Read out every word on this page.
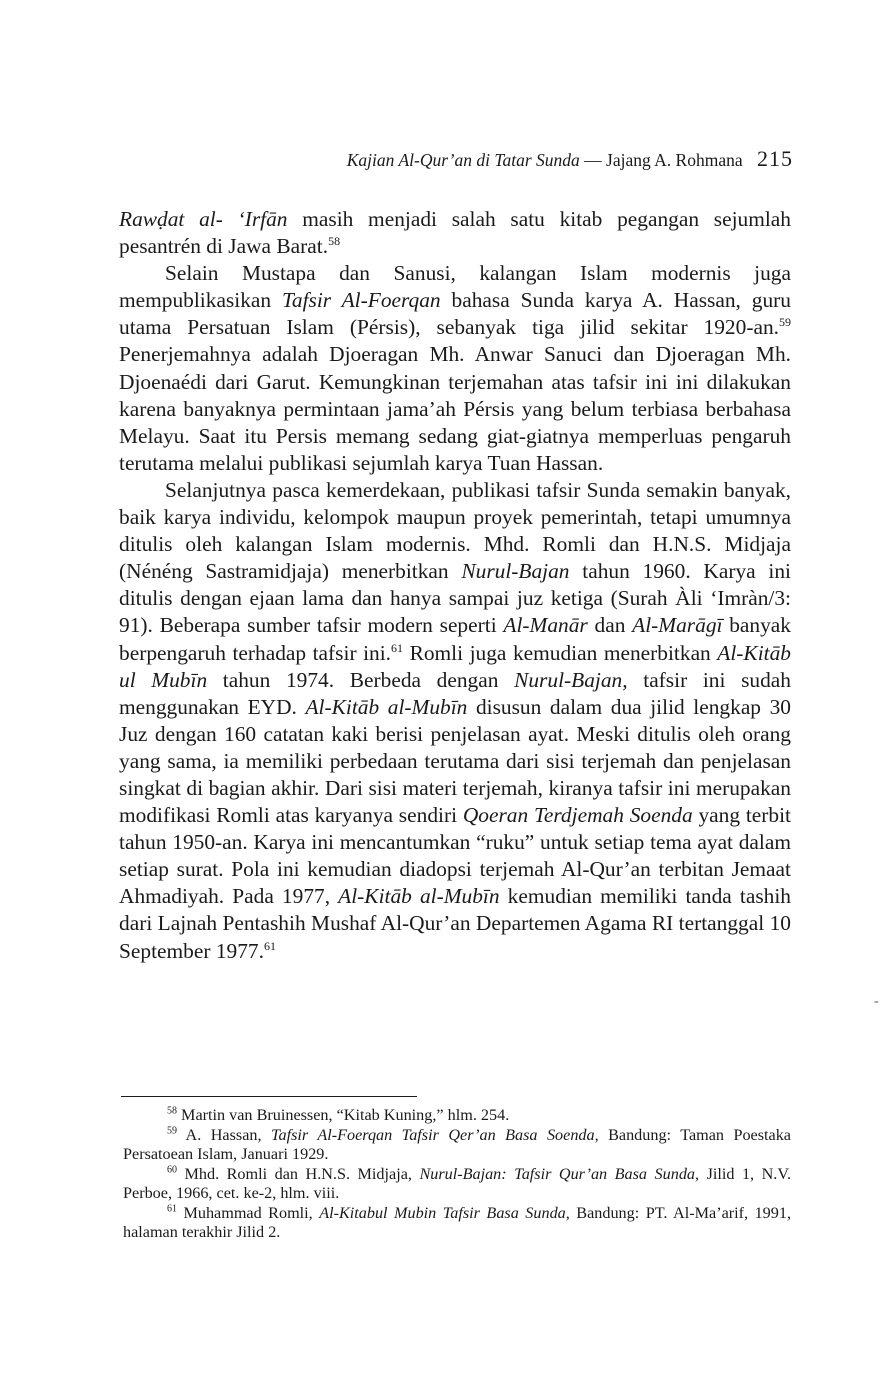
Kajian Al-Qur’an di Tatar Sunda — Jajang A. Rohmana 215

Rawḍat al- ‘Irfān masih menjadi salah satu kitab pegangan sejumlah pesantrén di Jawa Barat.$^{58}$

Selain Mustapa dan Sanusi, kalangan Islam modernis juga mempublikasikan Tafsir Al-Foerqan bahasa Sunda karya A. Hassan, guru utama Persatuan Islam (Pérsis), sebanyak tiga jilid sekitar 1920-an.$^{59}$ Penerjemahnya adalah Djoeragan Mh. Anwar Sanuci dan Djoeragan Mh. Djoenaédi dari Garut. Kemungkinan terjemahan atas tafsir ini ini dilakukan karena banyaknya permintaan jama’ah Pérsis yang belum terbiasa berbahasa Melayu. Saat itu Persis memang sedang giat-giatnya memperluas pengaruh terutama melalui publikasi sejumlah karya Tuan Hassan.

Selanjutnya pasca kemerdekaan, publikasi tafsir Sunda semakin banyak, baik karya individu, kelompok maupun proyek pemerintah, tetapi umumnya ditulis oleh kalangan Islam modernis. Mhd. Romli dan H.N.S. Midjaja (Nénéng Sastramidjaja) menerbitkan Nurul-Bajan tahun 1960. Karya ini ditulis dengan ejaan lama dan hanya sampai juz ketiga (Surah Àli ‘Imràn/3: 91). Beberapa sumber tafsir modern seperti Al-Manār dan Al-Marāgī banyak berpengaruh terhadap tafsir ini.$^{61}$ Romli juga kemudian menerbitkan Al-Kitāb ul Mubīn tahun 1974. Berbeda dengan Nurul-Bajan, tafsir ini sudah menggunakan EYD. Al-Kitāb al-Mubīn disusun dalam dua jilid lengkap 30 Juz dengan 160 catatan kaki berisi penjelasan ayat. Meski ditulis oleh orang yang sama, ia memiliki perbedaan terutama dari sisi terjemah dan penjelasan singkat di bagian akhir. Dari sisi materi terjemah, kiranya tafsir ini merupakan modifikasi Romli atas karyanya sendiri Qoeran Terdjemah Soenda yang terbit tahun 1950-an. Karya ini mencantumkan “ruku” untuk setiap tema ayat dalam setiap surat. Pola ini kemudian diadopsi terjemah Al-Qur’an terbitan Jemaat Ahmadiyah. Pada 1977, Al-Kitāb al-Mubīn kemudian memiliki tanda tashih dari Lajnah Pentashih Mushaf Al-Qur’an Departemen Agama RI tertanggal 10 September 1977.61

$^{58}$ Martin van Bruinessen, “Kitab Kuning,” hlm. 254.

$^{59}$ A. Hassan, Tafsir Al-Foerqan Tafsir Qer’an Basa Soenda, Bandung: Taman Poestaka Persatoean Islam, Januari 1929.

$^{60}$ Mhd. Romli dan H.N.S. Midjaja, Nurul-Bajan: Tafsir Qur’an Basa Sunda, Jilid 1, N.V. Perboe, 1966, cet. ke-2, hlm. viii.

$^{61}$ Muhammad Romli, Al-Kitabul Mubin Tafsir Basa Sunda, Bandung: PT. Al-Ma’arif, 1991, halaman terakhir Jilid 2.

-
